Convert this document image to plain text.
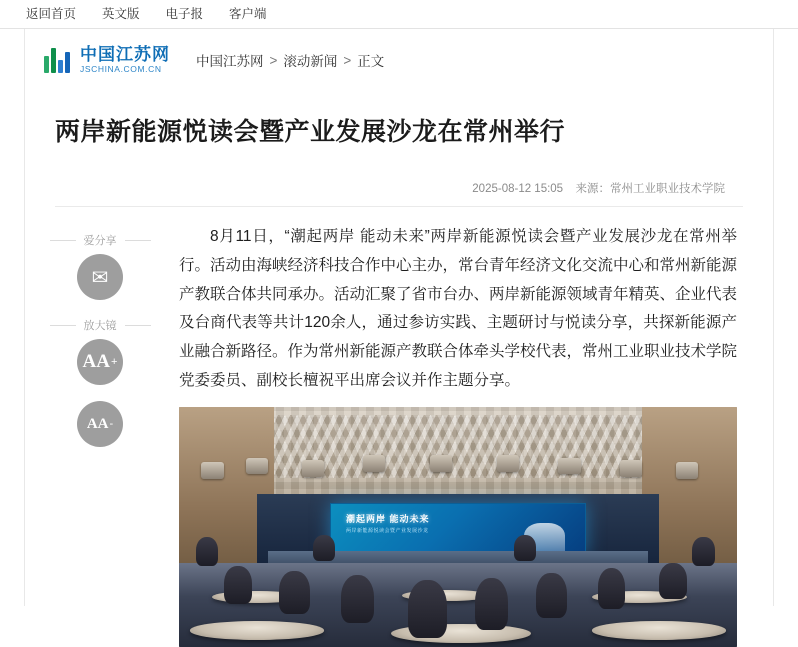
返回首页 英文版 电子报 客户端
中国江苏网
JSCHINA.COM.CN
中国江苏网 > 滚动新闻 > 正文
两岸新能源悦读会暨产业发展沙龙在常州举行
2025-08-12 15:05 来源：常州工业职业技术学院
爱分享
✉
放大镜
AA +
AA -

8月11日，“潮起两岸 能动未来”两岸新能源悦读会暨产业发展沙龙在常州举行。活动由海峡经济科技合作中心主办，常台青年经济文化交流中心和常州新能源产教联合体共同承办。活动汇聚了省市台办、两岸新能源领域青年精英、企业代表及台商代表等共计120余人，通过参访实践、主题研讨与悦读分享，共探新能源产业融合新路径。作为常州新能源产教联合体牵头学校代表，常州工业职业技术学院党委委员、副校长檀祝平出席会议并作主题分享。

潮起两岸 能动未来
两岸新能源悦读会暨产业发展沙龙
